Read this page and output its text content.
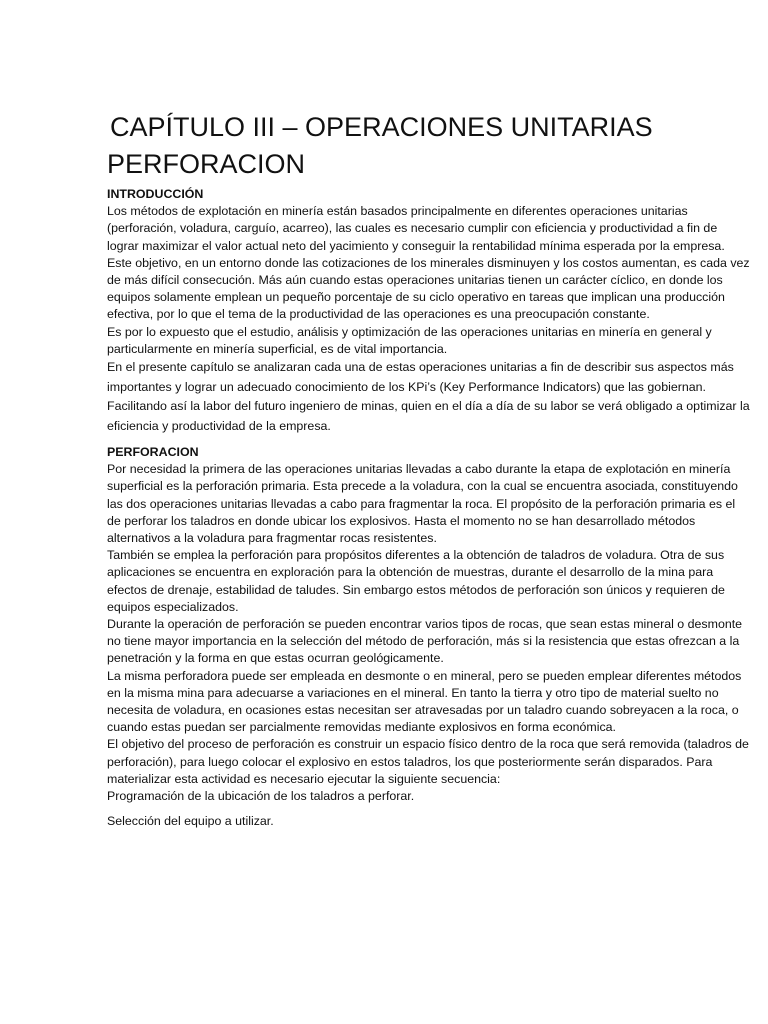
CAPÍTULO III – OPERACIONES UNITARIAS
PERFORACION

INTRODUCCIÓN

Los métodos de explotación en minería están basados principalmente en diferentes operaciones unitarias (perforación, voladura, carguío, acarreo), las cuales es necesario cumplir con eficiencia y productividad a fin de lograr maximizar el valor actual neto del yacimiento y conseguir la rentabilidad mínima esperada por la empresa.

Este objetivo, en un entorno donde las cotizaciones de los minerales disminuyen y los costos aumentan, es cada vez de más difícil consecución. Más aún cuando estas operaciones unitarias tienen un carácter cíclico, en donde los equipos solamente emplean un pequeño porcentaje de su ciclo operativo en tareas que implican una producción efectiva, por lo que el tema de la productividad de las operaciones es una preocupación constante.

Es por lo expuesto que el estudio, análisis y optimización de las operaciones unitarias en minería en general y particularmente en minería superficial, es de vital importancia.

En el presente capítulo se analizaran cada una de estas operaciones unitarias a fin de describir sus aspectos más importantes y lograr un adecuado conocimiento de los KPi’s (Key Performance Indicators) que las gobiernan. Facilitando así la labor del futuro ingeniero de minas, quien en el día a día de su labor se verá obligado a optimizar la eficiencia y productividad de la empresa.

PERFORACION

Por necesidad la primera de las operaciones unitarias llevadas a cabo durante la etapa de explotación en minería superficial es la perforación primaria. Esta precede a la voladura, con la cual se encuentra asociada, constituyendo las dos operaciones unitarias llevadas a cabo para fragmentar la roca. El propósito de la perforación primaria es el de perforar los taladros en donde ubicar los explosivos. Hasta el momento no se han desarrollado métodos alternativos a la voladura para fragmentar rocas resistentes.

También se emplea la perforación para propósitos diferentes a la obtención de taladros de voladura. Otra de sus aplicaciones se encuentra en exploración para la obtención de muestras, durante el desarrollo de la mina para efectos de drenaje, estabilidad de taludes. Sin embargo estos métodos de perforación son únicos y requieren de equipos especializados.

Durante la operación de perforación se pueden encontrar varios tipos de rocas, que sean estas mineral o desmonte no tiene mayor importancia en la selección del método de perforación, más si la resistencia que estas ofrezcan a la penetración y la forma en que estas ocurran geológicamente.

La misma perforadora puede ser empleada en desmonte o en mineral, pero se pueden emplear diferentes métodos en la misma mina para adecuarse a variaciones en el mineral. En tanto la tierra y otro tipo de material suelto no necesita de voladura, en ocasiones estas necesitan ser atravesadas por un taladro cuando sobreyacen a la roca, o cuando estas puedan ser parcialmente removidas mediante explosivos en forma económica.

El objetivo del proceso de perforación es construir un espacio físico dentro de la roca que será removida (taladros de perforación), para luego colocar el explosivo en estos taladros, los que posteriormente serán disparados. Para materializar esta actividad es necesario ejecutar la siguiente secuencia:

Programación de la ubicación de los taladros a perforar.

Selección del equipo a utilizar.
